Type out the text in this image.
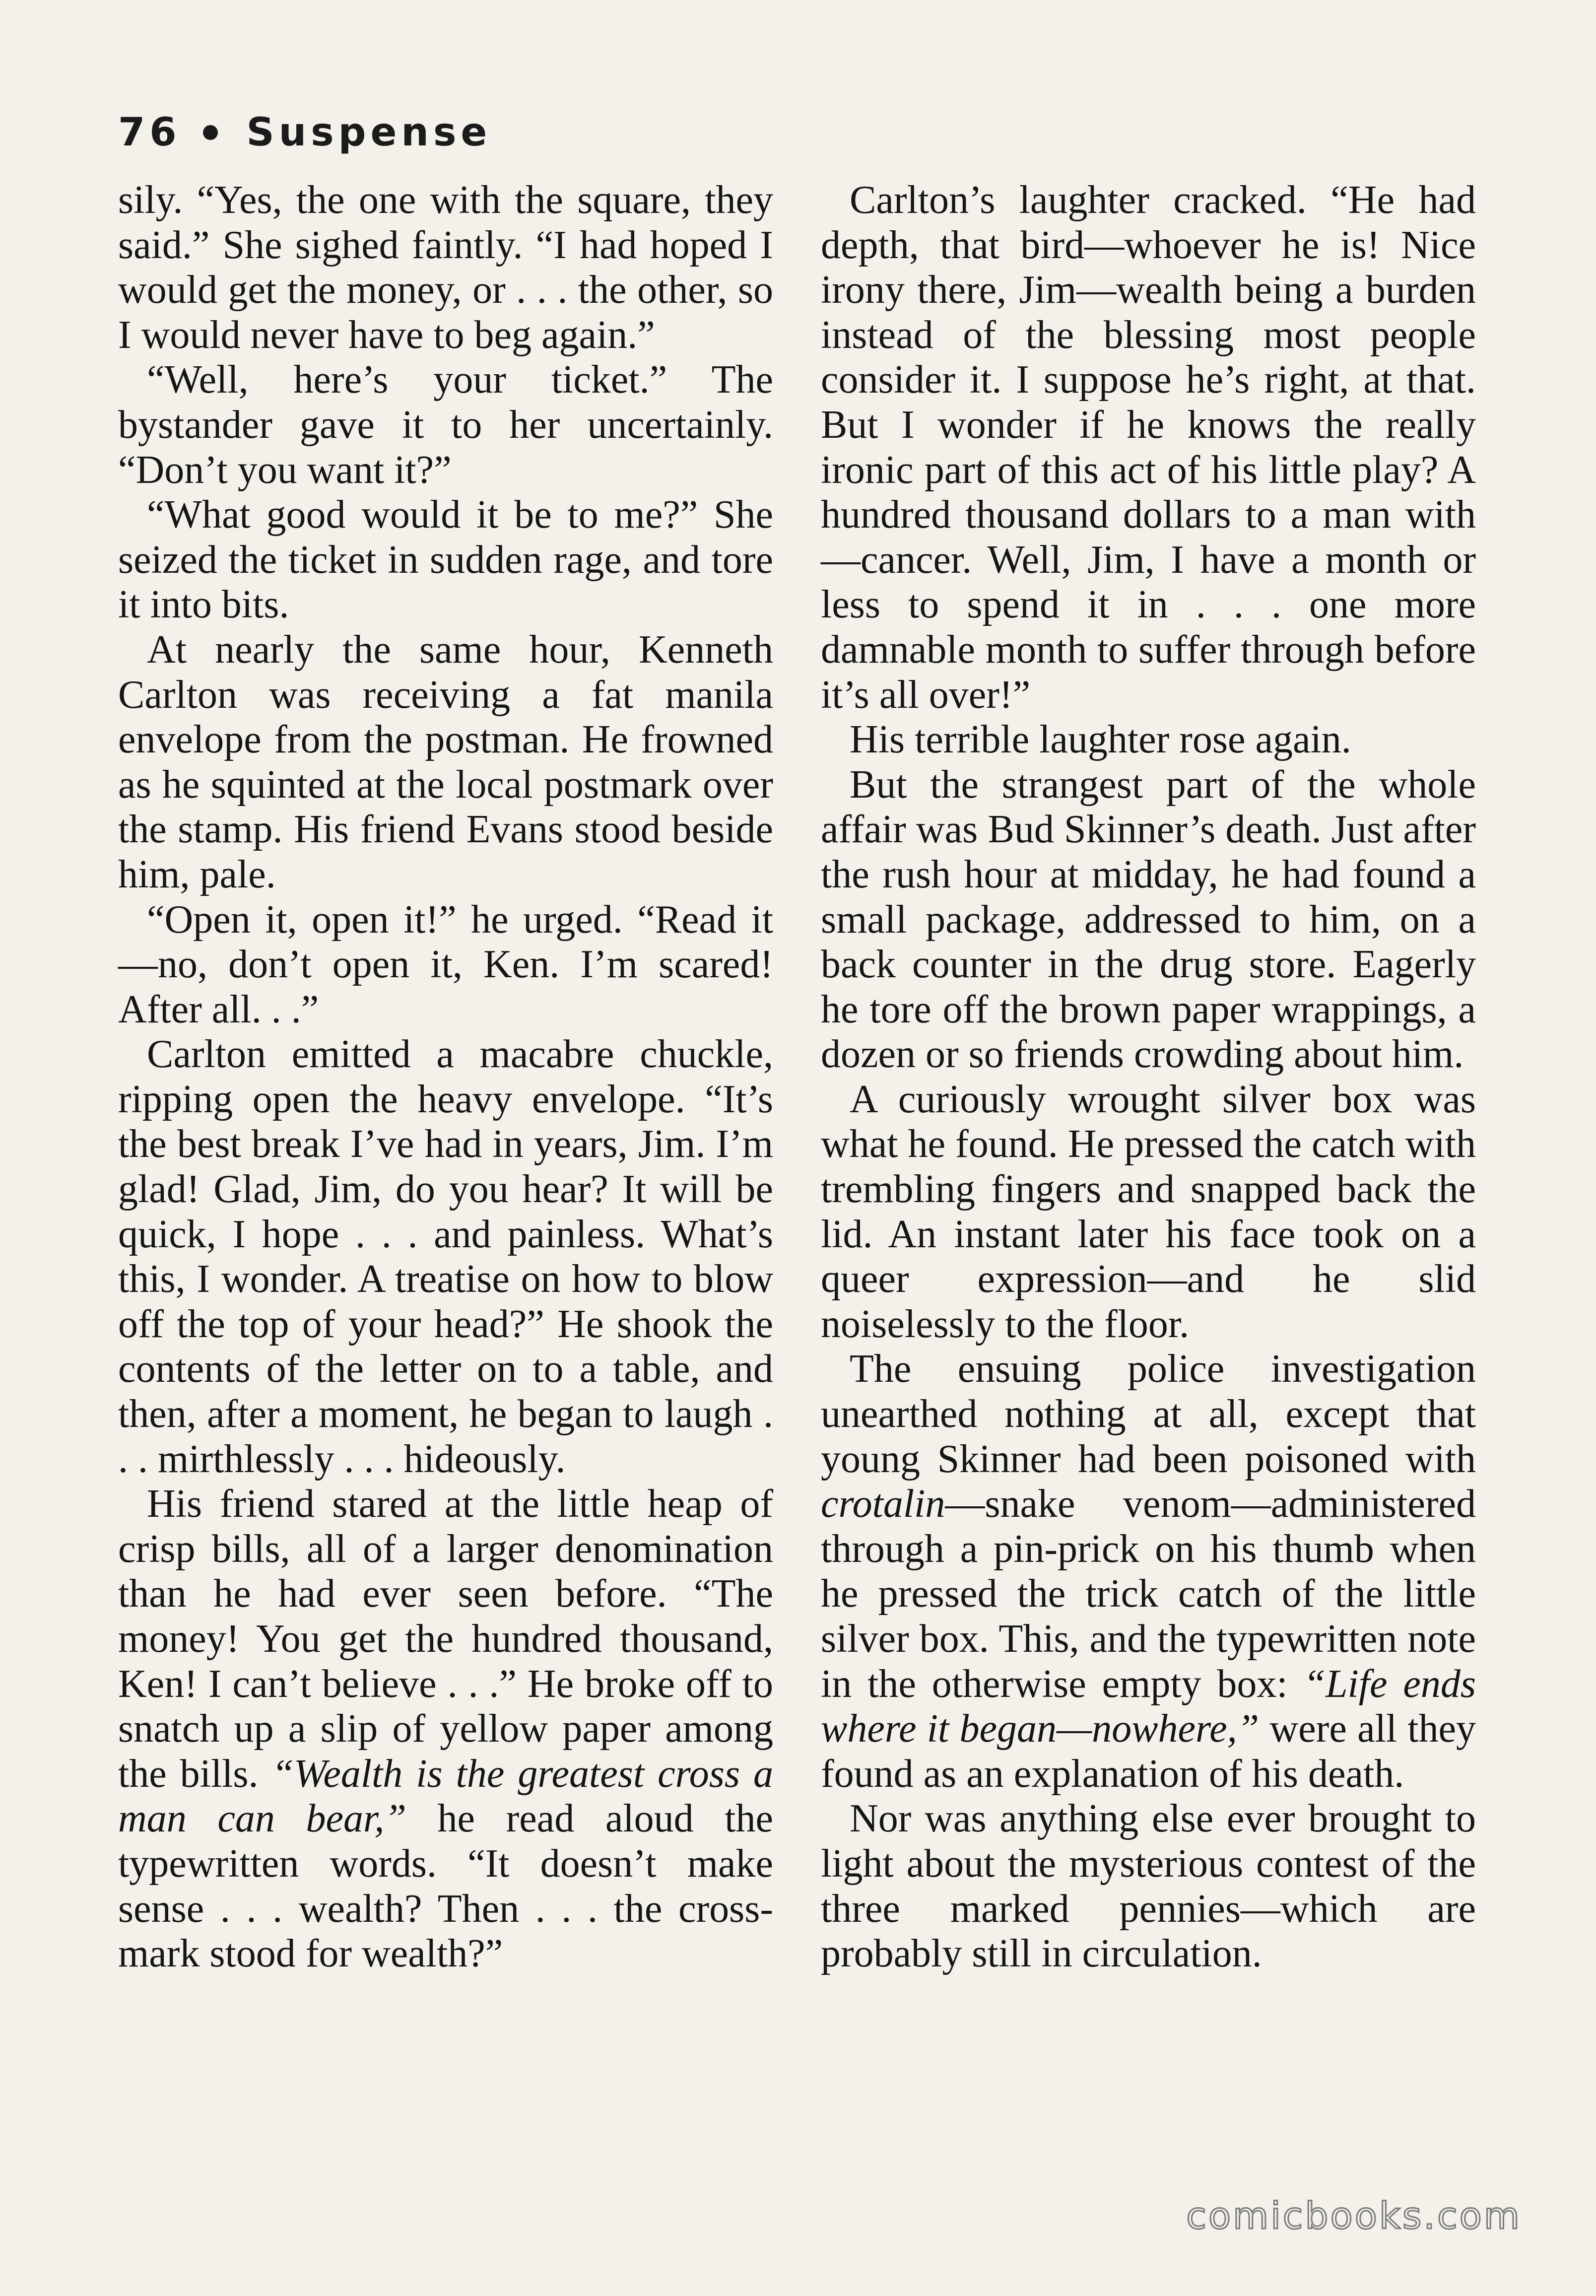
76 Suspense

sily. “Yes, the one with the square, they said.” She sighed faintly. “I had hoped I would get the money, or . . . the other, so I would never have to beg again.”

“Well, here’s your ticket.” The bystander gave it to her uncertainly. “Don’t you want it?”

“What good would it be to me?” She seized the ticket in sudden rage, and tore it into bits.

At nearly the same hour, Kenneth Carlton was receiving a fat manila envelope from the postman. He frowned as he squinted at the local postmark over the stamp. His friend Evans stood beside him, pale.

“Open it, open it!” he urged. “Read it—no, don’t open it, Ken. I’m scared! After all. . .”

Carlton emitted a macabre chuckle, ripping open the heavy envelope. “It’s the best break I’ve had in years, Jim. I’m glad! Glad, Jim, do you hear? It will be quick, I hope . . . and painless. What’s this, I wonder. A treatise on how to blow off the top of your head?” He shook the contents of the letter on to a table, and then, after a moment, he began to laugh . . . mirthlessly . . . hideously.

His friend stared at the little heap of crisp bills, all of a larger denomination than he had ever seen before. “The money! You get the hundred thousand, Ken! I can’t believe . . .” He broke off to snatch up a slip of yellow paper among the bills. “Wealth is the greatest cross a man can bear,” he read aloud the typewritten words. “It doesn’t make sense . . . wealth? Then . . . the cross-mark stood for wealth?”

Carlton’s laughter cracked. “He had depth, that bird—whoever he is! Nice irony there, Jim—wealth being a burden instead of the blessing most people consider it. I suppose he’s right, at that. But I wonder if he knows the really ironic part of this act of his little play? A hundred thousand dollars to a man with—cancer. Well, Jim, I have a month or less to spend it in . . . one more damnable month to suffer through before it’s all over!”

His terrible laughter rose again.

But the strangest part of the whole affair was Bud Skinner’s death. Just after the rush hour at midday, he had found a small package, addressed to him, on a back counter in the drug store. Eagerly he tore off the brown paper wrappings, a dozen or so friends crowding about him.

A curiously wrought silver box was what he found. He pressed the catch with trembling fingers and snapped back the lid. An instant later his face took on a queer expression—and he slid noiselessly to the floor.

The ensuing police investigation unearthed nothing at all, except that young Skinner had been poisoned with crotalin—snake venom—administered through a pin-prick on his thumb when he pressed the trick catch of the little silver box. This, and the typewritten note in the otherwise empty box: “Life ends where it began—nowhere,” were all they found as an explanation of his death.

Nor was anything else ever brought to light about the mysterious contest of the three marked pennies—which are probably still in circulation.

comicbooks.com
